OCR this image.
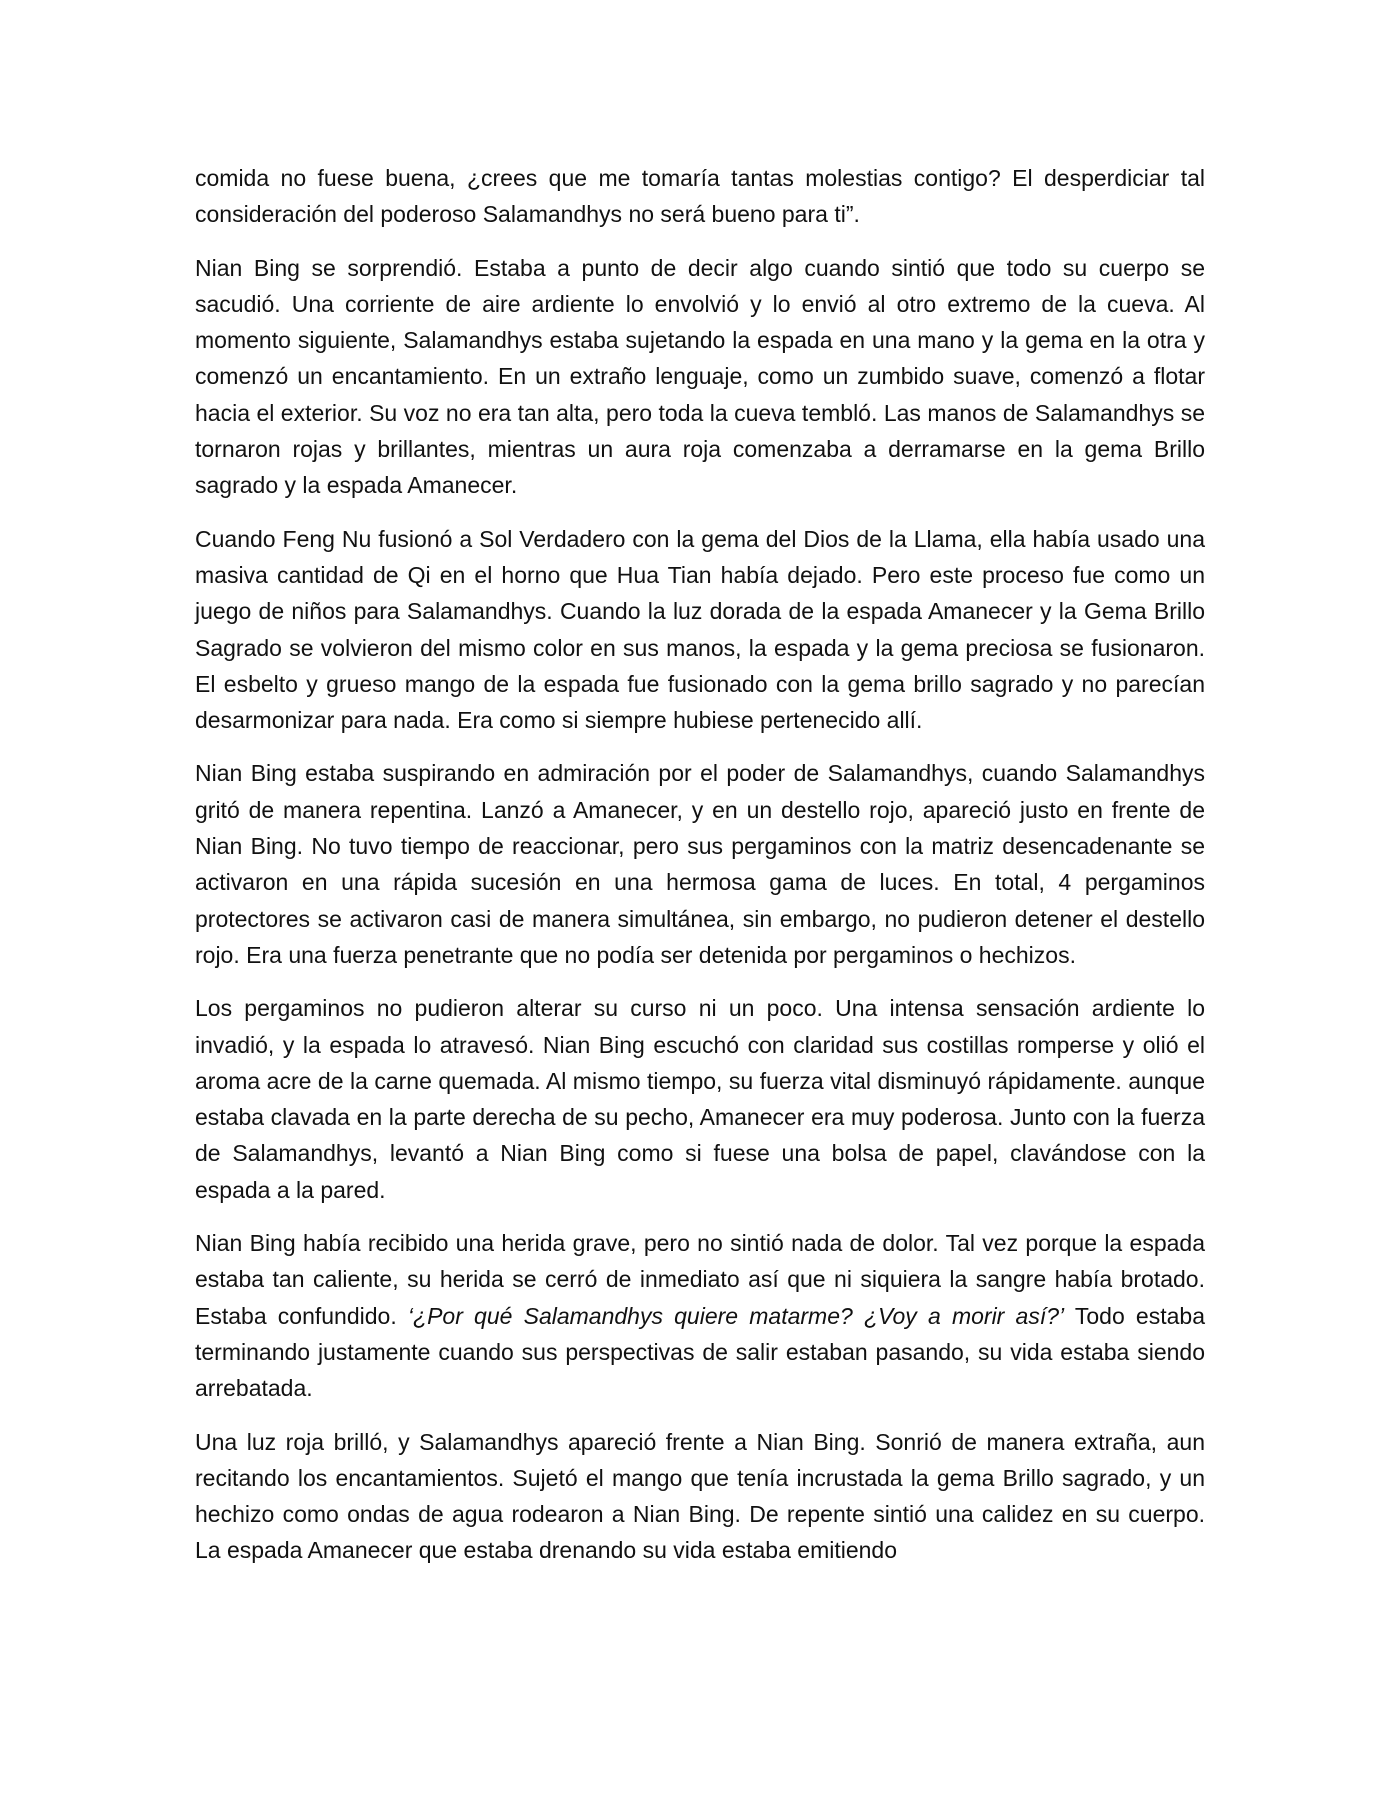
comida no fuese buena, ¿crees que me tomaría tantas molestias contigo? El desperdiciar tal consideración del poderoso Salamandhys no será bueno para ti”.

Nian Bing se sorprendió. Estaba a punto de decir algo cuando sintió que todo su cuerpo se sacudió. Una corriente de aire ardiente lo envolvió y lo envió al otro extremo de la cueva. Al momento siguiente, Salamandhys estaba sujetando la espada en una mano y la gema en la otra y comenzó un encantamiento. En un extraño lenguaje, como un zumbido suave, comenzó a flotar hacia el exterior. Su voz no era tan alta, pero toda la cueva tembló. Las manos de Salamandhys se tornaron rojas y brillantes, mientras un aura roja comenzaba a derramarse en la gema Brillo sagrado y la espada Amanecer.

Cuando Feng Nu fusionó a Sol Verdadero con la gema del Dios de la Llama, ella había usado una masiva cantidad de Qi en el horno que Hua Tian había dejado. Pero este proceso fue como un juego de niños para Salamandhys. Cuando la luz dorada de la espada Amanecer y la Gema Brillo Sagrado se volvieron del mismo color en sus manos, la espada y la gema preciosa se fusionaron. El esbelto y grueso mango de la espada fue fusionado con la gema brillo sagrado y no parecían desarmonizar para nada. Era como si siempre hubiese pertenecido allí.

Nian Bing estaba suspirando en admiración por el poder de Salamandhys, cuando Salamandhys gritó de manera repentina. Lanzó a Amanecer, y en un destello rojo, apareció justo en frente de Nian Bing. No tuvo tiempo de reaccionar, pero sus pergaminos con la matriz desencadenante se activaron en una rápida sucesión en una hermosa gama de luces. En total, 4 pergaminos protectores se activaron casi de manera simultánea, sin embargo, no pudieron detener el destello rojo. Era una fuerza penetrante que no podía ser detenida por pergaminos o hechizos.

Los pergaminos no pudieron alterar su curso ni un poco. Una intensa sensación ardiente lo invadió, y la espada lo atravesó. Nian Bing escuchó con claridad sus costillas romperse y olió el aroma acre de la carne quemada. Al mismo tiempo, su fuerza vital disminuyó rápidamente. aunque estaba clavada en la parte derecha de su pecho, Amanecer era muy poderosa. Junto con la fuerza de Salamandhys, levantó a Nian Bing como si fuese una bolsa de papel, clavándose con la espada a la pared.

Nian Bing había recibido una herida grave, pero no sintió nada de dolor. Tal vez porque la espada estaba tan caliente, su herida se cerró de inmediato así que ni siquiera la sangre había brotado. Estaba confundido. ‘¿Por qué Salamandhys quiere matarme? ¿Voy a morir así?’ Todo estaba terminando justamente cuando sus perspectivas de salir estaban pasando, su vida estaba siendo arrebatada.

Una luz roja brilló, y Salamandhys apareció frente a Nian Bing. Sonrió de manera extraña, aun recitando los encantamientos. Sujetó el mango que tenía incrustada la gema Brillo sagrado, y un hechizo como ondas de agua rodearon a Nian Bing. De repente sintió una calidez en su cuerpo. La espada Amanecer que estaba drenando su vida estaba emitiendo
